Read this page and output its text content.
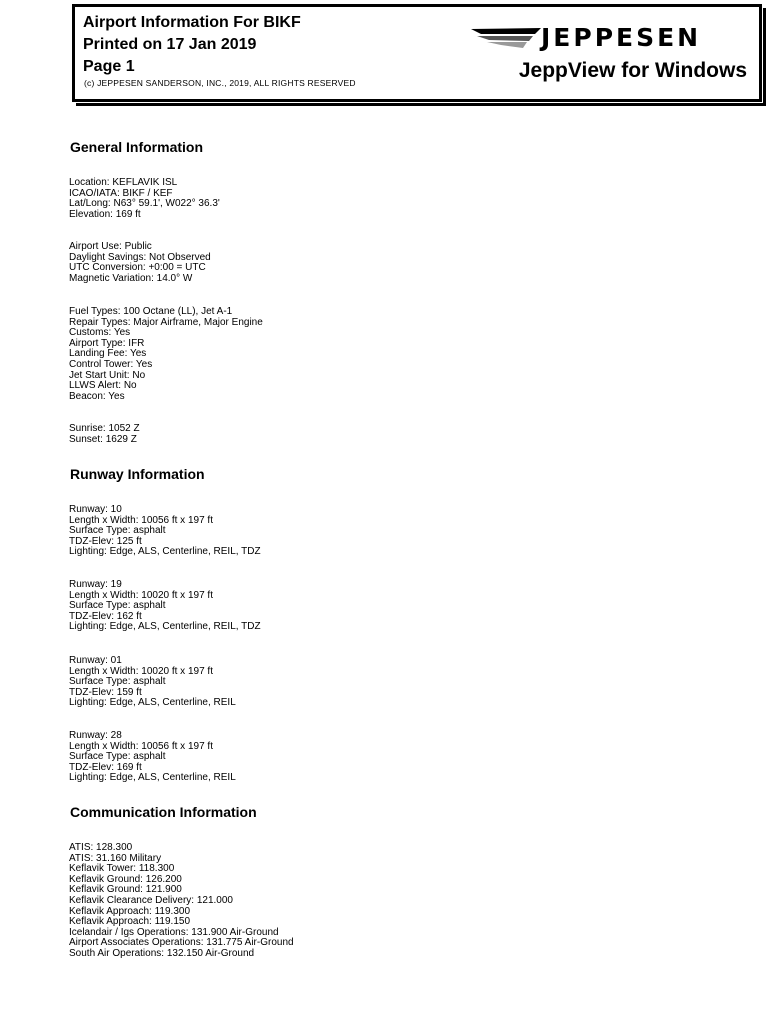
Airport Information For BIKF
Printed on 17 Jan 2019
Page 1
(c) JEPPESEN SANDERSON, INC., 2019, ALL RIGHTS RESERVED
JEPPESEN
JeppView for Windows
General Information
Location: KEFLAVIK ISL
ICAO/IATA: BIKF / KEF
Lat/Long: N63° 59.1', W022° 36.3'
Elevation: 169 ft
Airport Use: Public
Daylight Savings: Not Observed
UTC Conversion: +0:00 = UTC
Magnetic Variation: 14.0° W
Fuel Types: 100 Octane (LL), Jet A-1
Repair Types: Major Airframe, Major Engine
Customs: Yes
Airport Type: IFR
Landing Fee: Yes
Control Tower: Yes
Jet Start Unit: No
LLWS Alert: No
Beacon: Yes
Sunrise: 1052 Z
Sunset: 1629 Z
Runway Information
Runway: 10
Length x Width: 10056 ft x 197 ft
Surface Type: asphalt
TDZ-Elev: 125 ft
Lighting: Edge, ALS, Centerline, REIL, TDZ
Runway: 19
Length x Width: 10020 ft x 197 ft
Surface Type: asphalt
TDZ-Elev: 162 ft
Lighting: Edge, ALS, Centerline, REIL, TDZ
Runway: 01
Length x Width: 10020 ft x 197 ft
Surface Type: asphalt
TDZ-Elev: 159 ft
Lighting: Edge, ALS, Centerline, REIL
Runway: 28
Length x Width: 10056 ft x 197 ft
Surface Type: asphalt
TDZ-Elev: 169 ft
Lighting: Edge, ALS, Centerline, REIL
Communication Information
ATIS: 128.300
ATIS: 31.160 Military
Keflavik Tower: 118.300
Keflavik Ground: 126.200
Keflavik Ground: 121.900
Keflavik Clearance Delivery: 121.000
Keflavik Approach: 119.300
Keflavik Approach: 119.150
Icelandair / Igs Operations: 131.900 Air-Ground
Airport Associates Operations: 131.775 Air-Ground
South Air Operations: 132.150 Air-Ground
